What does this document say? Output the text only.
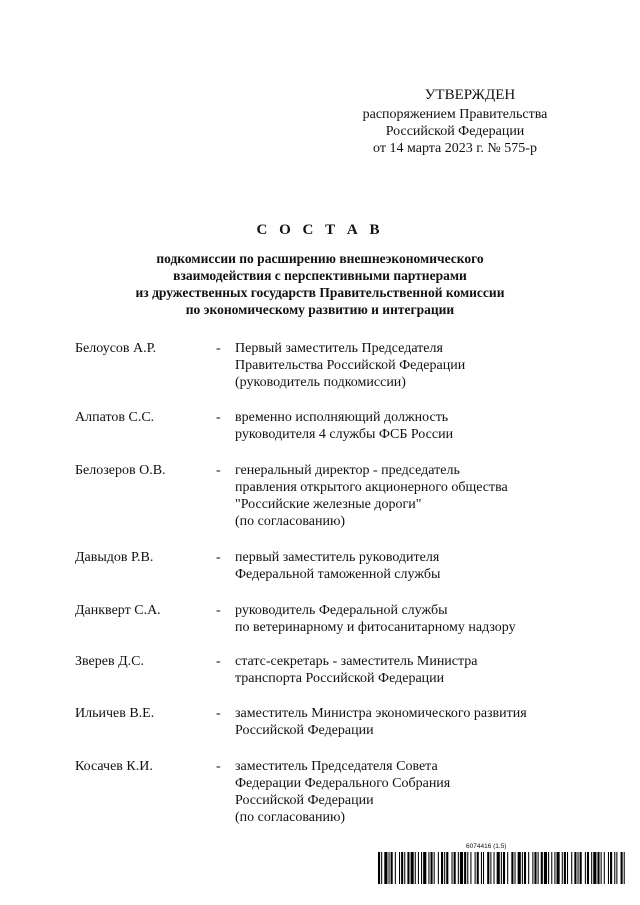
УТВЕРЖДЕН
распоряжением Правительства
Российской Федерации
от 14 марта 2023 г. № 575-р
С О С Т А В
подкомиссии по расширению внешнеэкономического
взаимодействия с перспективными партнерами
из дружественных государств Правительственной комиссии
по экономическому развитию и интеграции
Белоусов А.Р.	- Первый заместитель Председателя
Правительства Российской Федерации
(руководитель подкомиссии)
Алпатов С.С.	- временно исполняющий должность
руководителя 4 службы ФСБ России
Белозеров О.В.	- генеральный директор - председатель
правления открытого акционерного общества
"Российские железные дороги"
(по согласованию)
Давыдов Р.В.	- первый заместитель руководителя
Федеральной таможенной службы
Данкверт С.А.	- руководитель Федеральной службы
по ветеринарному и фитосанитарному надзору
Зверев Д.С.	- статс-секретарь - заместитель Министра
транспорта Российской Федерации
Ильичев В.Е.	- заместитель Министра экономического развития
Российской Федерации
Косачев К.И.	- заместитель Председателя Совета
Федерации Федерального Собрания
Российской Федерации
(по согласованию)
6074416 (1.5)
